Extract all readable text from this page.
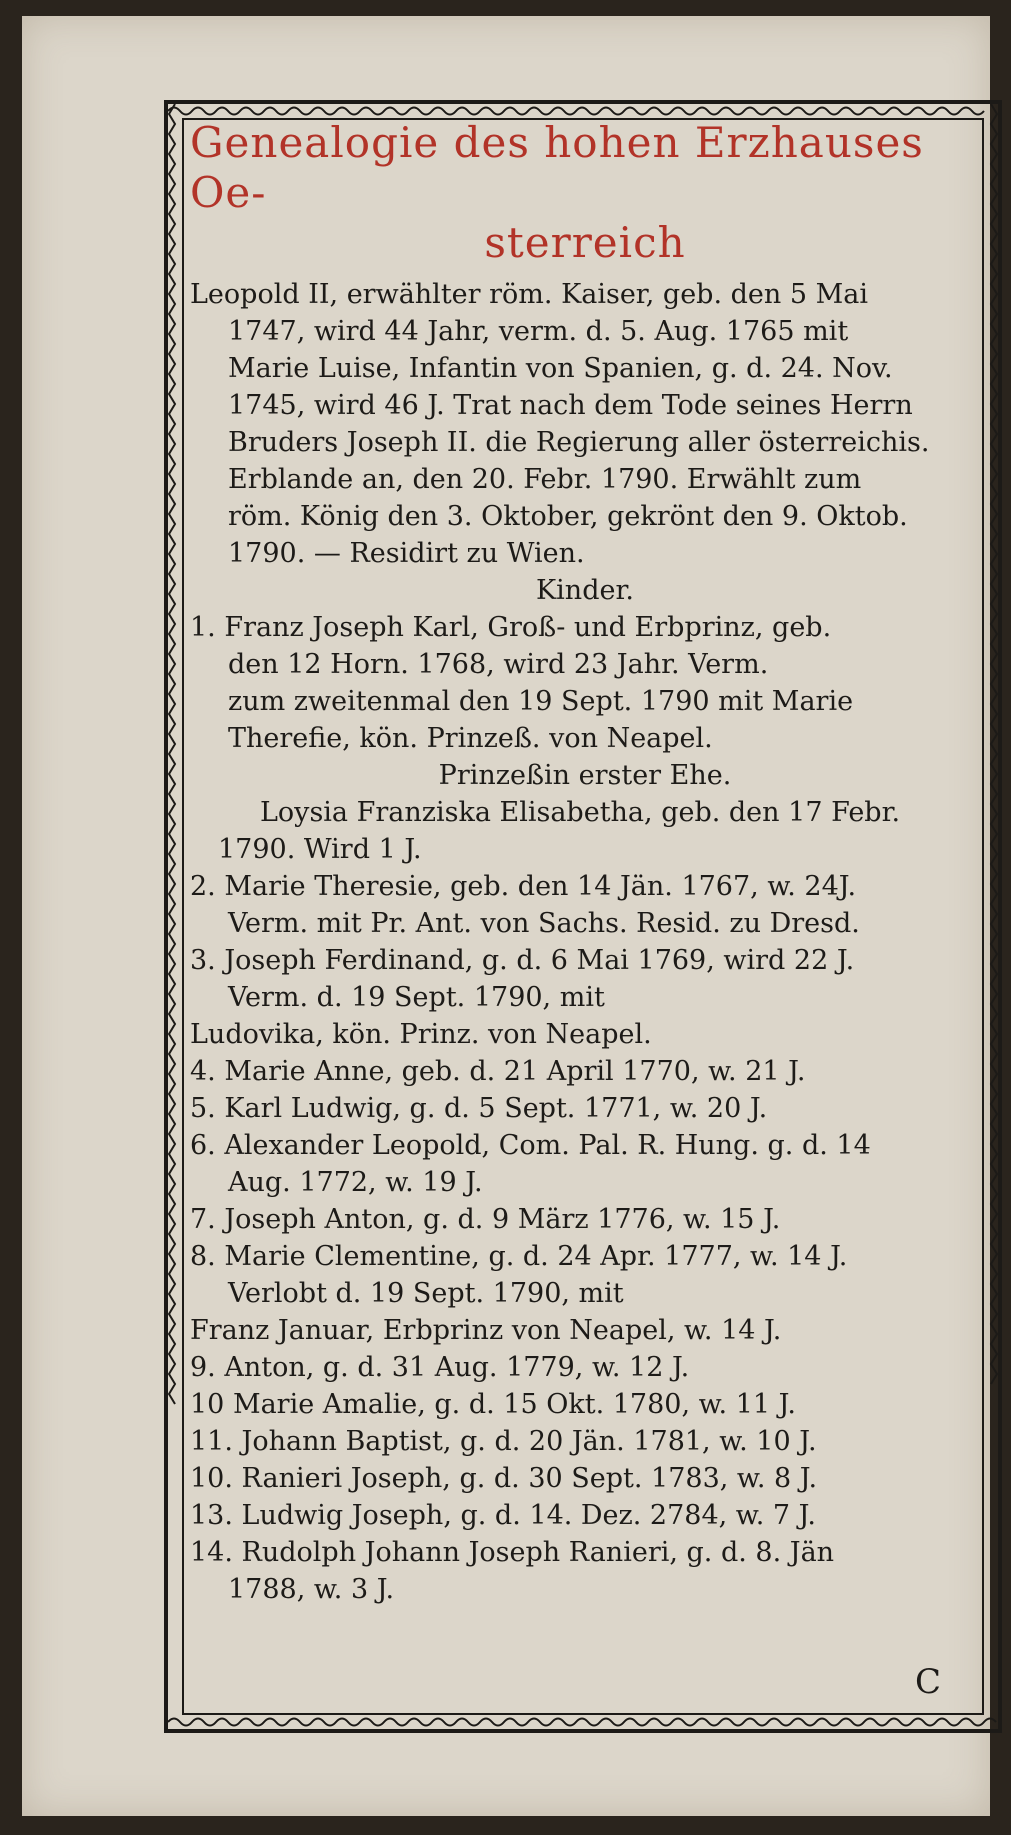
Genealogie des hohen Erzhauses Oe-
sterreich
Leopold II, erwählter röm. Kaiser, geb. den 5 Mai
1747, wird 44 Jahr, verm. d. 5. Aug. 1765 mit
Marie Luise, Infantin von Spanien, g. d. 24. Nov.
1745, wird 46 J. Trat nach dem Tode seines Herrn
Bruders Joseph II. die Regierung aller österreichis.
Erblande an, den 20. Febr. 1790. Erwählt zum
röm. König den 3. Oktober, gekrönt den 9. Oktob.
1790. — Residirt zu Wien.
Kinder.
1. Franz Joseph Karl, Groß- und Erbprinz, geb.
den 12 Horn. 1768, wird 23 Jahr. Verm.
zum zweitenmal den 19 Sept. 1790 mit Marie
Therefie, kön. Prinzeß. von Neapel.
Prinzeßin erster Ehe.
Loysia Franziska Elisabetha, geb. den 17 Febr.
1790. Wird 1 J.
2. Marie Theresie, geb. den 14 Jän. 1767, w. 24J.
Verm. mit Pr. Ant. von Sachs. Resid. zu Dresd.
3. Joseph Ferdinand, g. d. 6 Mai 1769, wird 22 J.
Verm. d. 19 Sept. 1790, mit
Ludovika, kön. Prinz. von Neapel.
4. Marie Anne, geb. d. 21 April 1770, w. 21 J.
5. Karl Ludwig, g. d. 5 Sept. 1771, w. 20 J.
6. Alexander Leopold, Com. Pal. R. Hung. g. d. 14
Aug. 1772, w. 19 J.
7. Joseph Anton, g. d. 9 März 1776, w. 15 J.
8. Marie Clementine, g. d. 24 Apr. 1777, w. 14 J.
Verlobt d. 19 Sept. 1790, mit
Franz Januar, Erbprinz von Neapel, w. 14 J.
9. Anton, g. d. 31 Aug. 1779, w. 12 J.
10 Marie Amalie, g. d. 15 Okt. 1780, w. 11 J.
11. Johann Baptist, g. d. 20 Jän. 1781, w. 10 J.
10. Ranieri Joseph, g. d. 30 Sept. 1783, w. 8 J.
13. Ludwig Joseph, g. d. 14. Dez. 2784, w. 7 J.
14. Rudolph Johann Joseph Ranieri, g. d. 8. Jän
1788, w. 3 J.
C
